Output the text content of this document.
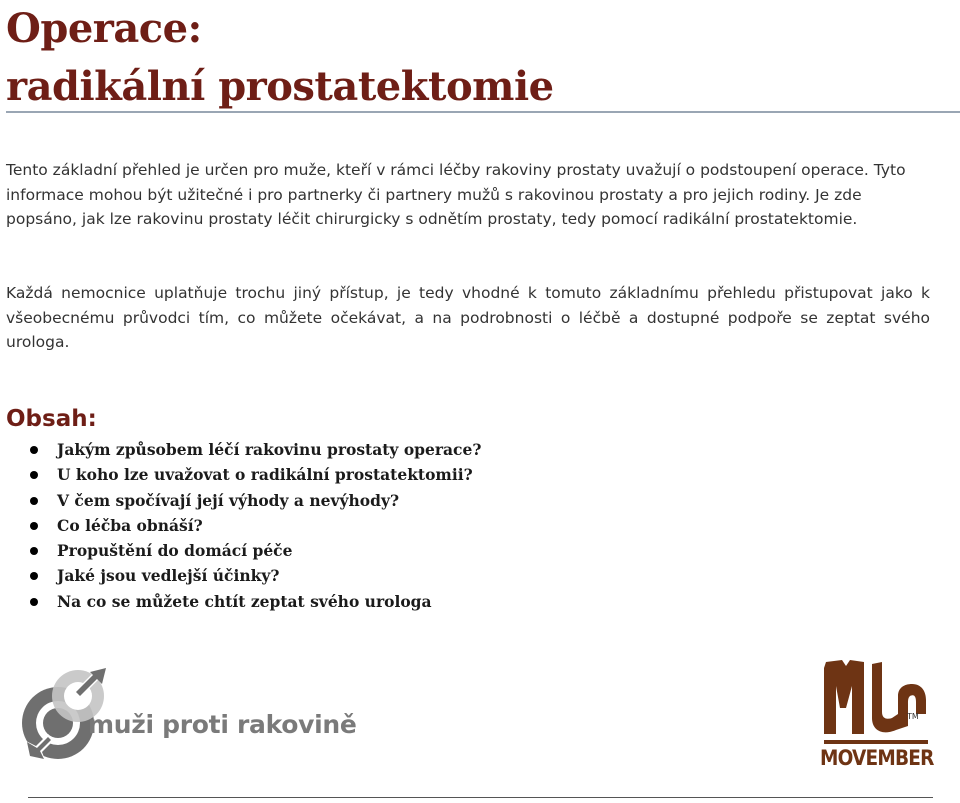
Operace:
radikální prostatektomie

Tento základní přehled je určen pro muže, kteří v rámci léčby rakoviny prostaty uvažují o podstoupení operace. Tyto informace mohou být užitečné i pro partnerky či partnery mužů s rakovinou prostaty a pro jejich rodiny. Je zde popsáno, jak lze rakovinu prostaty léčit chirurgicky s odnětím prostaty, tedy pomocí radikální prostatektomie.

Každá nemocnice uplatňuje trochu jiný přístup, je tedy vhodné k tomuto základnímu přehledu přistupovat jako k všeobecnému průvodci tím, co můžete očekávat, a na podrobnosti o léčbě a dostupné podpoře se zeptat svého urologa.

Obsah:
Jakým způsobem léčí rakovinu prostaty operace?
U koho lze uvažovat o radikální prostatektomii?
V čem spočívají její výhody a nevýhody?
Co léčba obnáší?
Propuštění do domácí péče
Jaké jsou vedlejší účinky?
Na co se můžete chtít zeptat svého urologa
muži proti rakovině	TM
MOVEMBER
